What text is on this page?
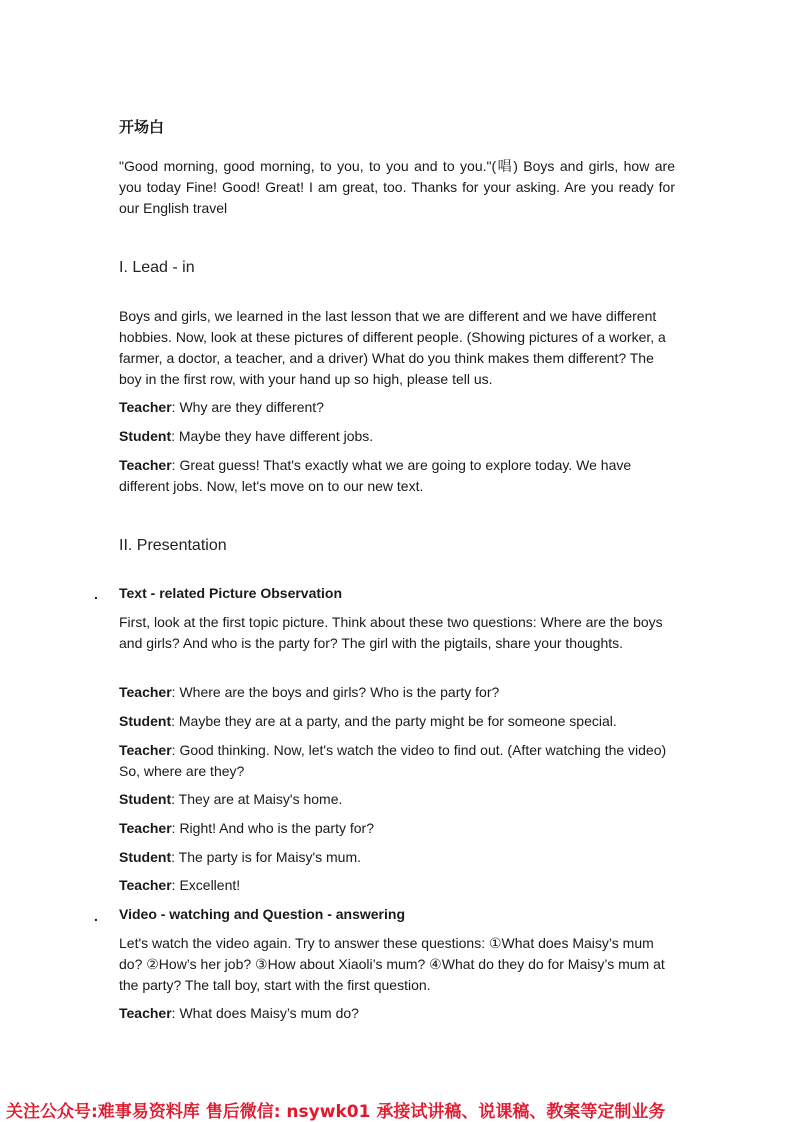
开场白

"Good morning, good morning, to you, to you and to you."(唱) Boys and girls, how are you today Fine! Good! Great! I am great, too. Thanks for your asking. Are you ready for our English travel

I. Lead - in

Boys and girls, we learned in the last lesson that we are different and we have different hobbies. Now, look at these pictures of different people. (Showing pictures of a worker, a farmer, a doctor, a teacher, and a driver) What do you think makes them different? The boy in the first row, with your hand up so high, please tell us.

Teacher: Why are they different?

Student: Maybe they have different jobs.

Teacher: Great guess! That's exactly what we are going to explore today. We have different jobs. Now, let's move on to our new text.

II. Presentation
. Text - related Picture Observation

First, look at the first topic picture. Think about these two questions: Where are the boys and girls? And who is the party for? The girl with the pigtails, share your thoughts.

Teacher: Where are the boys and girls? Who is the party for?

Student: Maybe they are at a party, and the party might be for someone special.

Teacher: Good thinking. Now, let's watch the video to find out. (After watching the video) So, where are they?

Student: They are at Maisy's home.

Teacher: Right! And who is the party for?

Student: The party is for Maisy's mum.

Teacher: Excellent!

. Video - watching and Question - answering

Let's watch the video again. Try to answer these questions: ①What does Maisy’s mum do? ②How’s her job? ③How about Xiaoli’s mum? ④What do they do for Maisy’s mum at the party? The tall boy, start with the first question.

Teacher: What does Maisy’s mum do?

关注公众号:难事易资料库 售后微信: nsywk01 承接试讲稿、说课稿、教案等定制业务
